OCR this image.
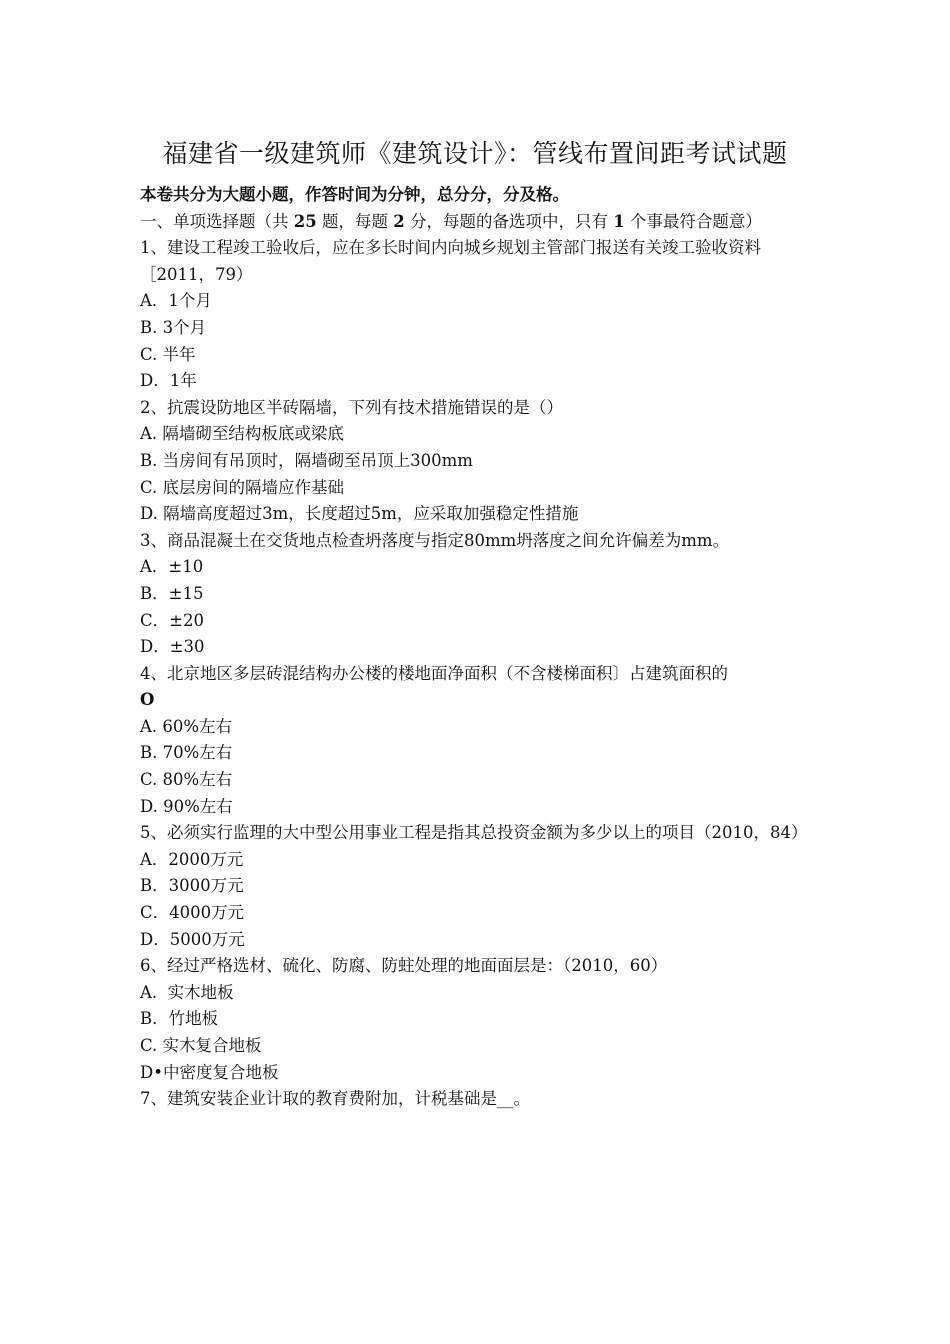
福建省一级建筑师《建筑设计》：管线布置间距考试试题
本卷共分为大题小题，作答时间为分钟，总分分，分及格。
一、单项选择题（共 25 题，每题 2 分，每题的备选项中，只有 1 个事最符合题意）
1、建设工程竣工验收后，应在多长时间内向城乡规划主管部门报送有关竣工验收资料［2011，79）
A．1个月
B. 3个月
C. 半年
D．1年
2、抗震设防地区半砖隔墙，下列有技术措施错误的是（）
A. 隔墙砌至结构板底或梁底
B. 当房间有吊顶时，隔墙砌至吊顶上300mm
C. 底层房间的隔墙应作基础
D. 隔墙高度超过3m，长度超过5m，应采取加强稳定性措施
3、商品混凝土在交货地点检查坍落度与指定80mm坍落度之间允许偏差为mm。
A．±10
B．±15
C．±20
D．±30
4、北京地区多层砖混结构办公楼的楼地面净面积（不含楼梯面积〕占建筑面积的
O
A. 60%左右
B. 70%左右
C. 80%左右
D. 90%左右
5、必须实行监理的大中型公用事业工程是指其总投资金额为多少以上的项目（2010，84）
A．2000万元
B．3000万元
C．4000万元
D．5000万元
6、经过严格选材、硫化、防腐、防蛀处理的地面面层是：（2010，60）
A.  实木地板
B．竹地板
C. 实木复合地板
D•中密度复合地板
7、建筑安装企业计取的教育费附加，计税基础是__。
